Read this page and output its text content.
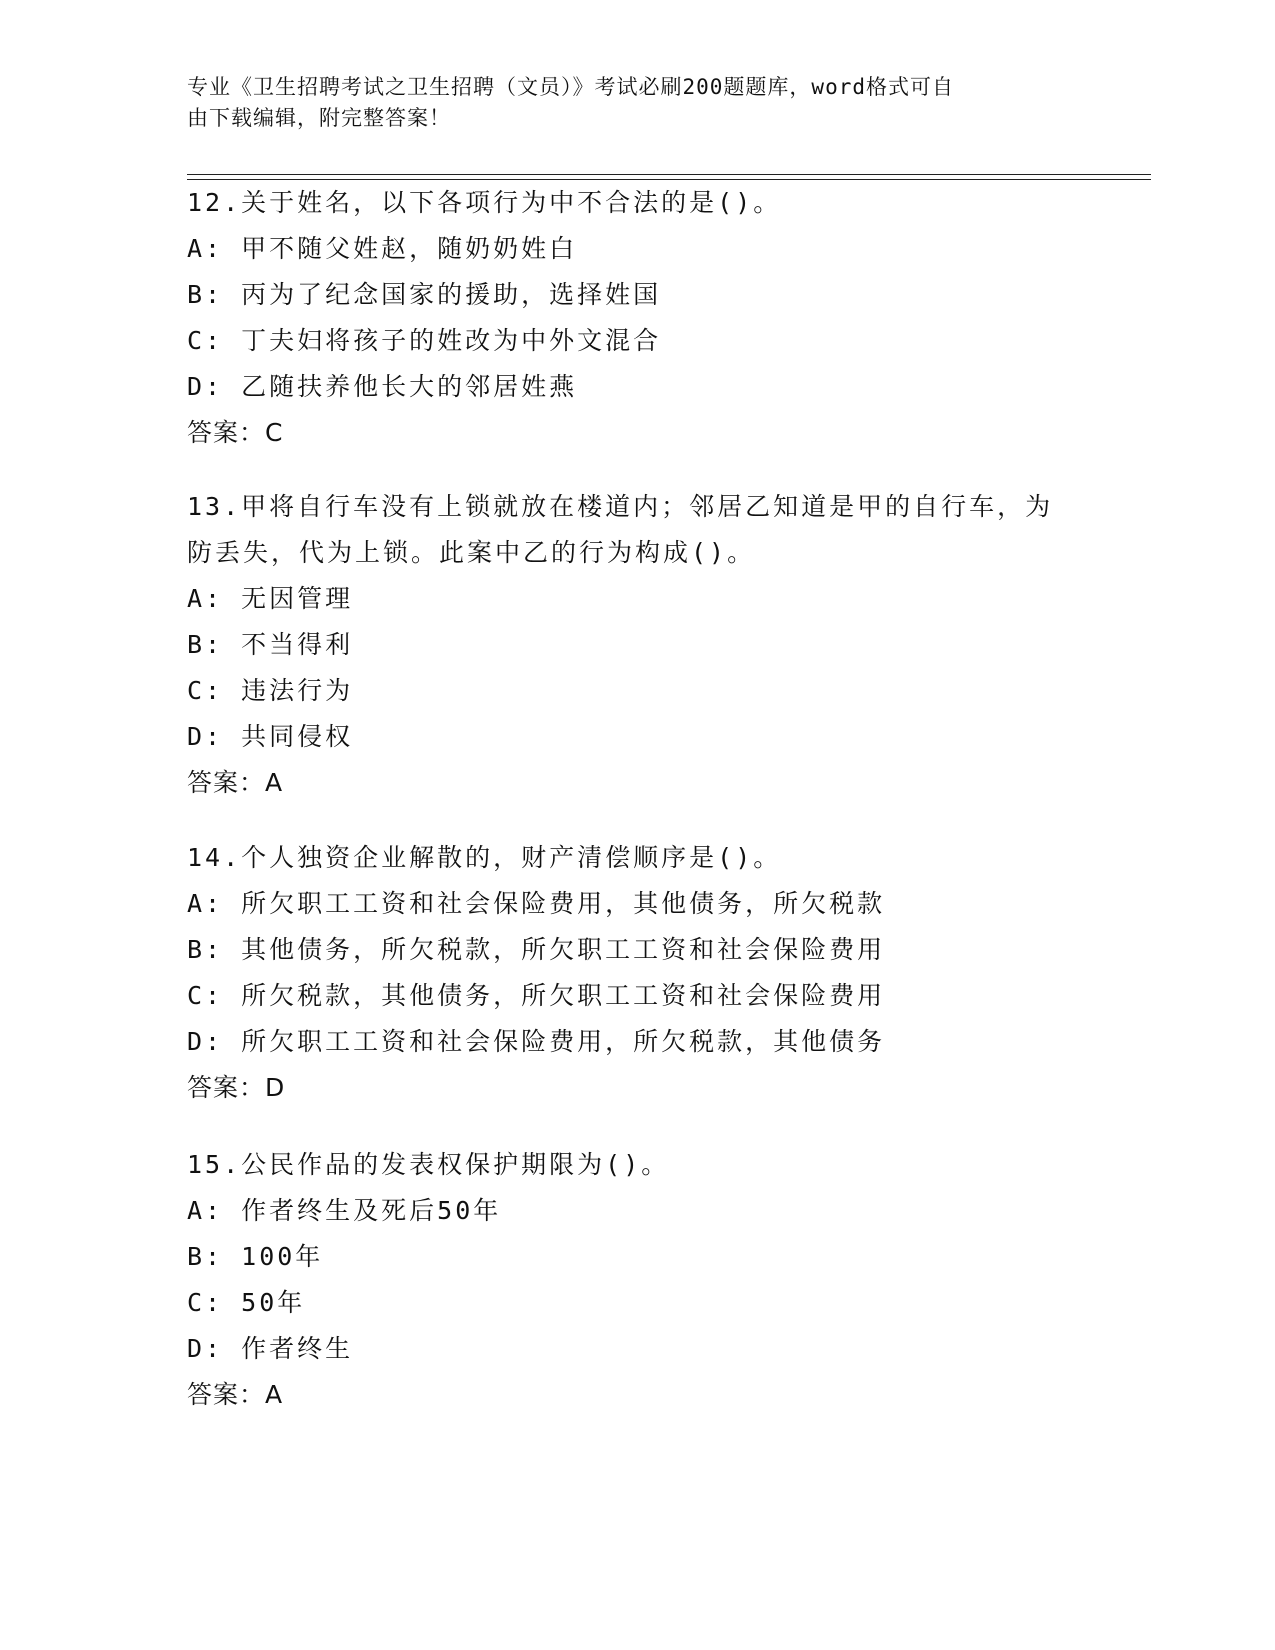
专业《卫生招聘考试之卫生招聘（文员）》考试必刷200题题库，word格式可自
由下载编辑，附完整答案！
12.关于姓名，以下各项行为中不合法的是()。
A: 甲不随父姓赵，随奶奶姓白
B: 丙为了纪念国家的援助，选择姓国
C: 丁夫妇将孩子的姓改为中外文混合
D: 乙随扶养他长大的邻居姓燕
答案：C
13.甲将自行车没有上锁就放在楼道内；邻居乙知道是甲的自行车，为
防丢失，代为上锁。此案中乙的行为构成()。
A: 无因管理
B: 不当得利
C: 违法行为
D: 共同侵权
答案：A
14.个人独资企业解散的，财产清偿顺序是()。
A: 所欠职工工资和社会保险费用，其他债务，所欠税款
B: 其他债务，所欠税款，所欠职工工资和社会保险费用
C: 所欠税款，其他债务，所欠职工工资和社会保险费用
D: 所欠职工工资和社会保险费用，所欠税款，其他债务
答案：D
15.公民作品的发表权保护期限为()。
A: 作者终生及死后50年
B: 100年
C: 50年
D: 作者终生
答案：A
